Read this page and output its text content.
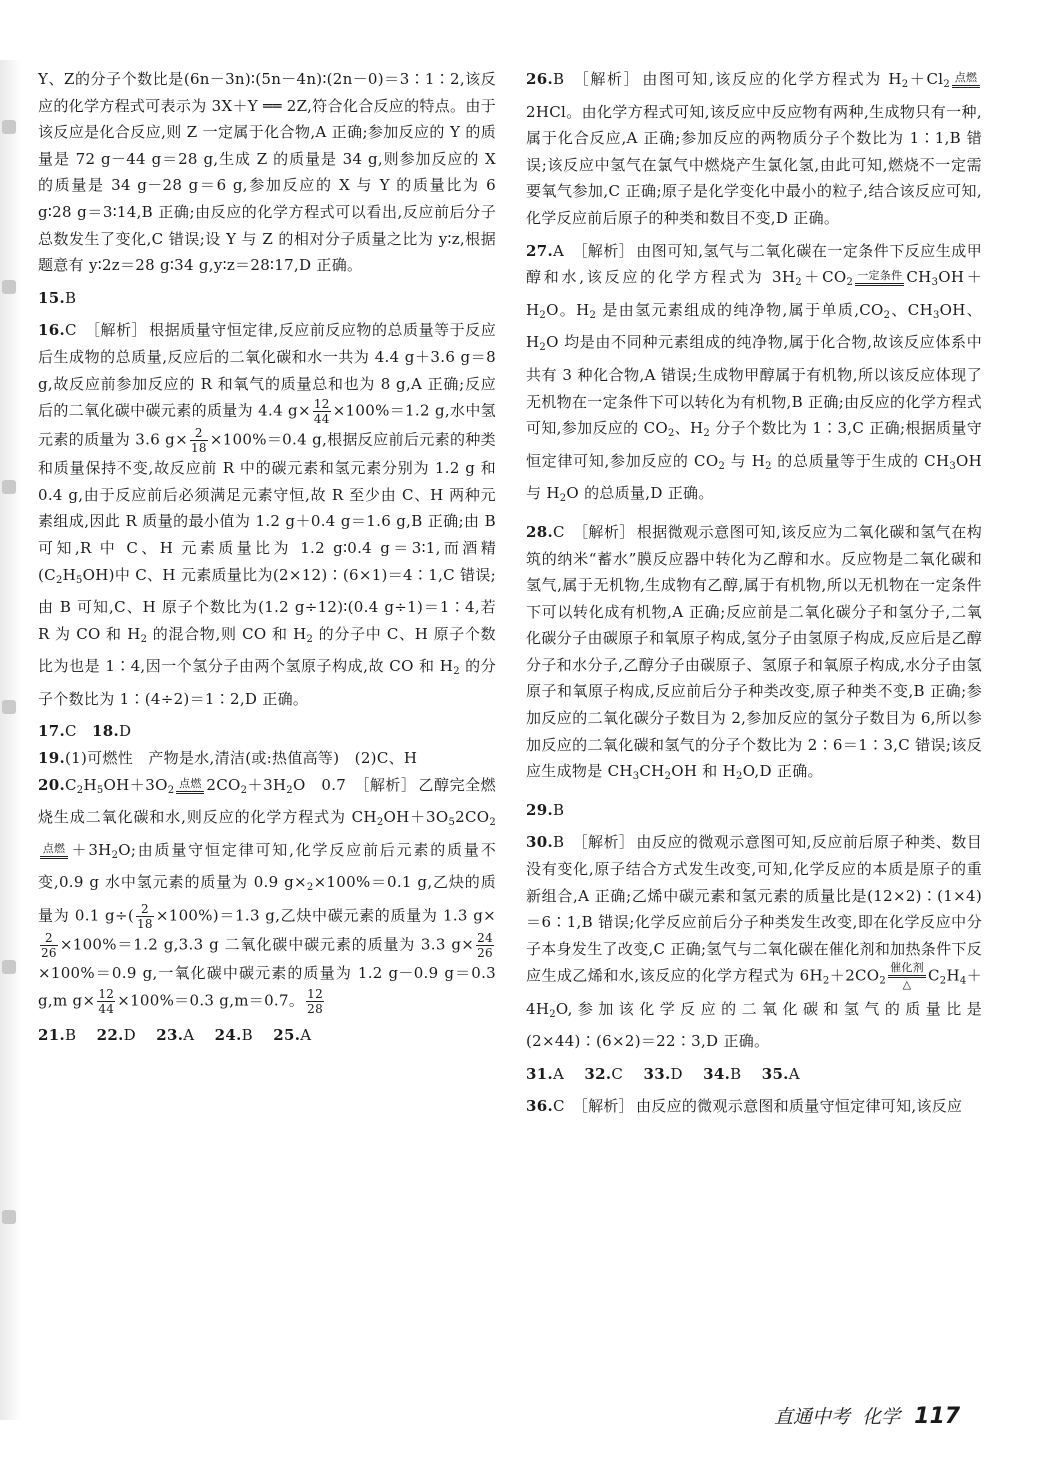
Y、Z的分子个数比是(6n－3n)∶(5n－4n)∶(2n－0)＝3∶1∶2,该反应的化学方程式可表示为 3X＋Y ══ 2Z,符合化合反应的特点。由于该反应是化合反应,则 Z 一定属于化合物,A 正确;参加反应的 Y 的质量是 72 g－44 g＝28 g,生成 Z 的质量是 34 g,则参加反应的 X 的质量是 34 g－28 g＝6 g,参加反应的 X 与 Y 的质量比为 6 g∶28 g＝3∶14,B 正确;由反应的化学方程式可以看出,反应前后分子总数发生了变化,C 错误;设 Y 与 Z 的相对分子质量之比为 y∶z,根据题意有 y∶2z＝28 g∶34 g,y∶z＝28∶17,D 正确。
15.B
16.C ［解析］ 根据质量守恒定律,反应前反应物的总质量等于反应后生成物的总质量,反应后的二氧化碳和水一共为 4.4 g＋3.6 g＝8 g,故反应前参加反应的 R 和氧气的质量总和也为 8 g,A 正确;反应后的二氧化碳中碳元素的质量为 4.4 $g\times \frac{12}{44} \times 100\%=1.2$ g,水中氢元素的质量为 3.6 $g\times \frac{2}{18} \times 100\%=0.4$ g,根据反应前后元素的种类和质量保持不变,故反应前 R 中的碳元素和氢元素分别为 1.2 g 和 0.4 g,由于反应前后必须满足元素守恒,故 R 至少由 C、H 两种元素组成,因此 R 质量的最小值为 1.2 g＋0.4 g＝1.6 g,B 正确;由 B 可知,R 中 C、H 元素质量比为 1.2 g∶0.4 g＝3∶1,而酒精$(C_2H_5OH)$中 C、H 元素质量比为(2×12)∶(6×1)＝4∶1,C 错误;由 B 可知,C、H 原子个数比为(1.2 g÷12)∶(0.4 g÷1)＝1∶4,若 R 为 CO 和 $H_2$ 的混合物,则 CO 和 $H_2$ 的分子中 C、H 原子个数比为也是 1∶4,因一个氢分子由两个氢原子构成,故 CO 和 $H_2$ 的分子个数比为 1∶(4÷2)＝1∶2,D 正确。
17.C 18.D
19.(1)可燃性　产物是水,清洁(或:热值高等)　(2)C、H
$20.C_2H_5OH+3O_2$
点燃 $2CO_2+3H_2O$　0.7 ［解析］ 乙醇完全燃烧生成二氧化碳和水,则反应的化学方程式为 $CH_2OH+3O_52CO_2$
点燃 $+3H_2O$;由质量守恒定律可知,化学反应前后元素的质量不变,0.9 g 水中氢元素的质量为 0.9 $g\times_2\times 100\%=0.1$ g,乙炔的质量为 0.1 $g\div( \frac{2}{18} \times 100\%)=1.3$ g,乙炔中碳元素的质量为 1.3 g×
$\frac{2}{26} \times 100\%=1.2$ g,3.3 g 二氧化碳中碳元素的质量为 3.3 $g\times \frac{24}{26}$
×100%＝0.9 g,一氧化碳中碳元素的质量为 1.2 g－0.9 g＝0.3 g,m $g\times \frac{12}{44} \times 100\%=0.3$ g,m＝0.7。 $\frac{12}{28}$
21.B 22.D 23.A 24.B 25.A
26.B ［解析］ 由图可知,该反应的化学方程式为 $H_2+Cl_2$
点燃
2HCl。由化学方程式可知,该反应中反应物有两种,生成物只有一种,属于化合反应,A 正确;参加反应的两物质分子个数比为 1∶1,B 错误;该反应中氢气在氯气中燃烧产生氯化氢,由此可知,燃烧不一定需要氧气参加,C 正确;原子是化学变化中最小的粒子,结合该反应可知,化学反应前后原子的种类和数目不变,D 正确。
27.A ［解析］ 由图可知,氢气与二氧化碳在一定条件下反应生成甲醇和水,该反应的化学方程式为 $3H_2+CO_2$
一定条件 $CH_3OH+H_2O$。$H_2$ 是由氢元素组成的纯净物,属于单质$,CO_2$、$CH_3OH$、$H_2O$ 均是由不同种元素组成的纯净物,属于化合物,故该反应体系中共有 3 种化合物,A 错误;生成物甲醇属于有机物,所以该反应体现了无机物在一定条件下可以转化为有机物,B 正确;由反应的化学方程式可知,参加反应的 $CO_2$、$H_2$ 分子个数比为 1∶3,C 正确;根据质量守恒定律可知,参加反应的 $CO_2$ 与 $H_2$ 的总质量等于生成的 $CH_3OH$ 与 $H_2O$ 的总质量,D 正确。
28.C ［解析］ 根据微观示意图可知,该反应为二氧化碳和氢气在构筑的纳米“蓄水”膜反应器中转化为乙醇和水。反应物是二氧化碳和氢气,属于无机物,生成物有乙醇,属于有机物,所以无机物在一定条件下可以转化成有机物,A 正确;反应前是二氧化碳分子和氢分子,二氧化碳分子由碳原子和氧原子构成,氢分子由氢原子构成,反应后是乙醇分子和水分子,乙醇分子由碳原子、氢原子和氧原子构成,水分子由氢原子和氧原子构成,反应前后分子种类改变,原子种类不变,B 正确;参加反应的二氧化碳分子数目为 2,参加反应的氢分子数目为 6,所以参加反应的二氧化碳和氢气的分子个数比为 2∶6＝1∶3,C 错误;该反应生成物是 $CH_3CH_2OH$ 和 $H_2O,D$ 正确。
29.B
30.B ［解析］ 由反应的微观示意图可知,反应前后原子种类、数目没有变化,原子结合方式发生改变,可知,化学反应的本质是原子的重新组合,A 正确;乙烯中碳元素和氢元素的质量比是(12×2)∶(1×4)＝6∶1,B 错误;化学反应前后分子种类发生改变,即在化学反应中分子本身发生了改变,C 正确;氢气与二氧化碳在催化剂和加热条件下反应生成乙烯和水,该反应的化学方程式为 $6H_2+2CO_2$
催化剂
△	$C_2H_4+4H_2O$,参加该化学反应的二氧化碳和氢气的质量比是(2×44)∶(6×2)＝22∶3,D 正确。
31.A 32.C 33.D 34.B 35.A
36.C ［解析］ 由反应的微观示意图和质量守恒定律可知,该反应
直通中考 化学 117
